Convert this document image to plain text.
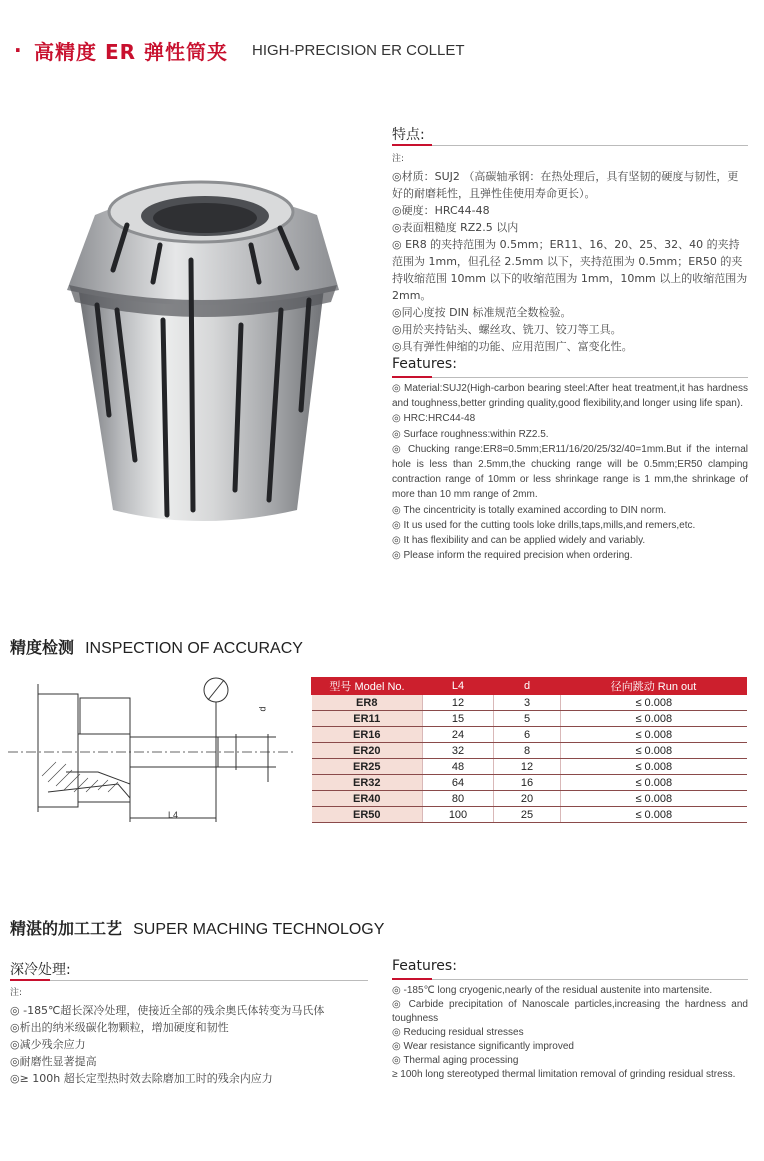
· 高精度 ER 弹性筒夹 HIGH-PRECISION ER COLLET
特点:
注:
◎材质：SUJ2 （高碳轴承钢：在热处理后，具有坚韧的硬度与韧性，更好的耐磨耗性，且弹性佳使用寿命更长）。
◎硬度：HRC44-48
◎表面粗糙度 RZ2.5 以内
◎ ER8 的夹持范围为 0.5mm；ER11、16、20、25、32、40 的夹持范围为 1mm，但孔径 2.5mm 以下，夹持范围为 0.5mm；ER50 的夹持收缩范围 10mm 以下的收缩范围为 1mm，10mm 以上的收缩范围为 2mm。
◎同心度按 DIN 标准规范全数检验。
◎用於夹持钻头、螺丝攻、铣刀、铰刀等工具。
◎具有弹性伸缩的功能、应用范围广、富变化性。
Features:
◎ Material:SUJ2(High-carbon bearing steel:After heat treatment,it has hardness and toughness,better grinding quality,good flexibility,and longer using life span).
◎ HRC:HRC44-48
◎ Surface roughness:within RZ2.5.
◎ Chucking range:ER8=0.5mm;ER11/16/20/25/32/40=1mm.But if the internal hole is less than 2.5mm,the chucking range will be 0.5mm;ER50 clamping contraction range of 10mm or less shrinkage range is 1 mm,the shrinkage of more than 10 mm range of 2mm.
◎ The cincentricity is totally examined according to DIN norm.
◎ It us used for the cutting tools loke drills,taps,mills,and remers,etc.
◎ It has flexibility and can be applied widely and variably.
◎ Please inform the required precision when ordering.
精度检测 INSPECTION OF ACCURACY
d
L4
型号 Model No.	L4	d	径向跳动 Run out
ER8	12	3	≤ 0.008
ER11	15	5	≤ 0.008
ER16	24	6	≤ 0.008
ER20	32	8	≤ 0.008
ER25	48	12	≤ 0.008
ER32	64	16	≤ 0.008
ER40	80	20	≤ 0.008
ER50	100	25	≤ 0.008
精湛的加工工艺 SUPER MACHING TECHNOLOGY
深冷处理:
注:
◎ -185℃超长深冷处理，使接近全部的残余奥氏体转变为马氏体
◎析出的纳米级碳化物颗粒，增加硬度和韧性
◎减少残余应力
◎耐磨性显著提高
◎≥ 100h 超长定型热时效去除磨加工时的残余内应力
Features:
◎ -185℃ long cryogenic,nearly of the residual austenite into martensite.
◎ Carbide precipitation of Nanoscale particles,increasing the hardness and toughness
◎ Reducing residual stresses
◎ Wear resistance significantly improved
◎ Thermal aging processing
≥ 100h long stereotyped thermal limitation removal of grinding residual stress.
